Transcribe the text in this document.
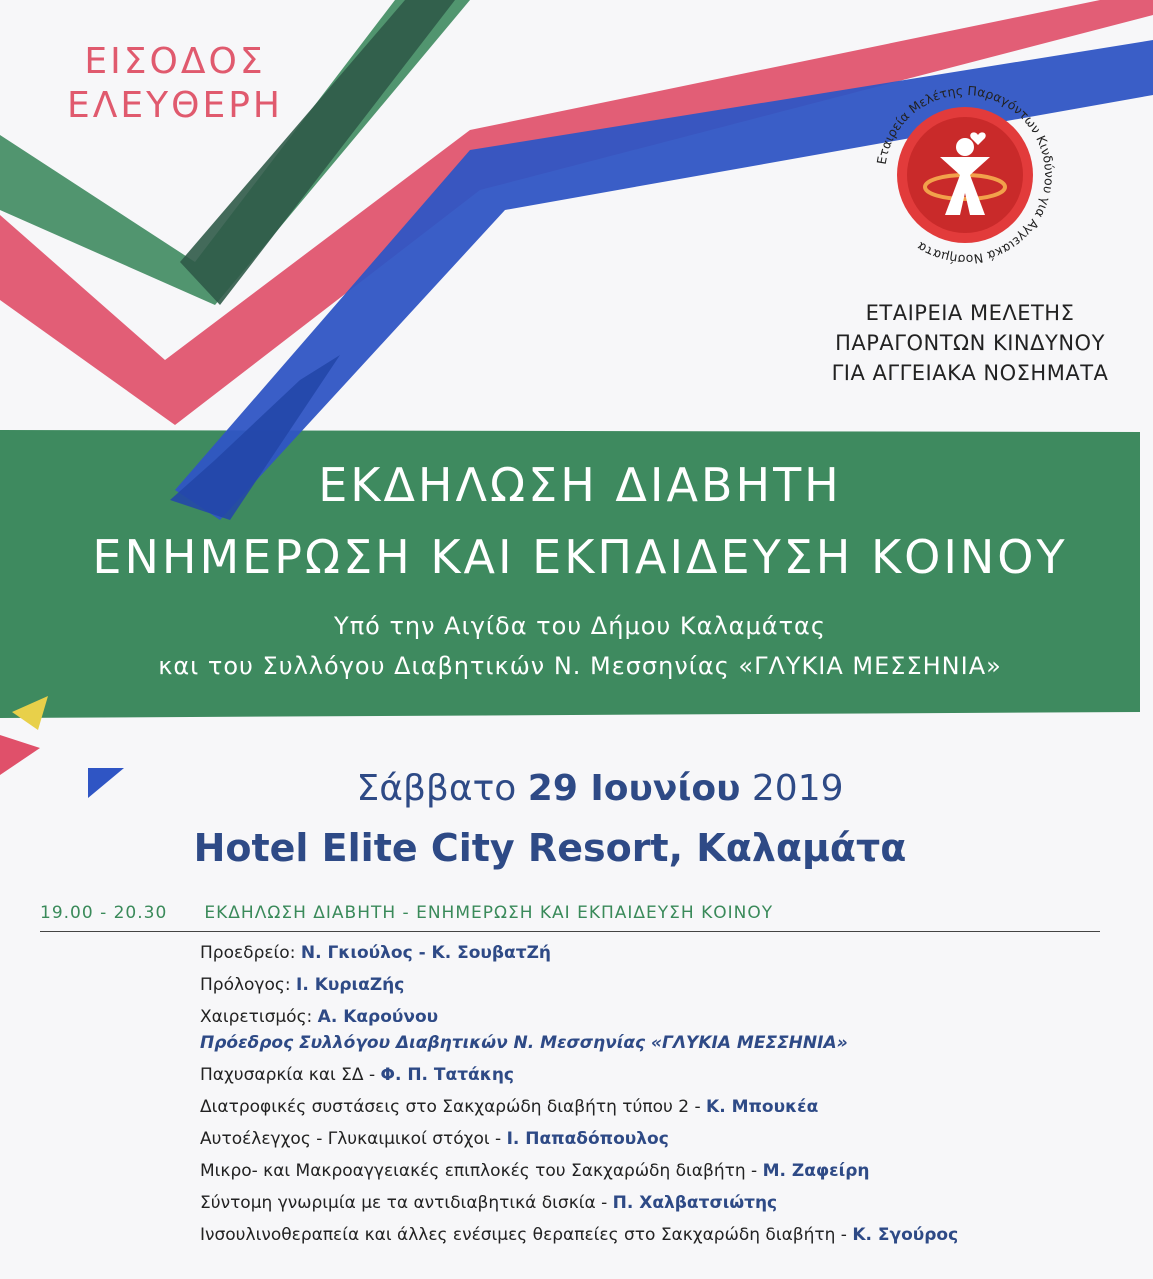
ΕΙΣΟΔΟΣ
ΕΛΕΥΘΕΡΗ
Εταιρεία Μελέτης Παραγόντων Κινδύνου για Αγγειακά Νοσήματα
ΕΤΑΙΡΕΙΑ ΜΕΛΕΤΗΣ
ΠΑΡΑΓΟΝΤΩΝ ΚΙΝΔΥΝΟΥ
ΓΙΑ ΑΓΓΕΙΑΚΑ ΝΟΣΗΜΑΤΑ
ΕΚΔΗΛΩΣΗ ΔΙΑΒΗΤΗ
ΕΝΗΜΕΡΩΣΗ ΚΑΙ ΕΚΠΑΙΔΕΥΣΗ ΚΟΙΝΟΥ
Υπό την Αιγίδα του Δήμου Καλαμάτας
και του Συλλόγου Διαβητικών Ν. Μεσσηνίας «ΓΛΥΚΙΑ ΜΕΣΣΗΝΙΑ»
Σάββατο 29 Ιουνίου 2019
Hotel Elite City Resort, Καλαμάτα
19.00 - 20.30 ΕΚΔΗΛΩΣΗ ΔΙΑΒΗΤΗ - ΕΝΗΜΕΡΩΣΗ ΚΑΙ ΕΚΠΑΙΔΕΥΣΗ ΚΟΙΝΟΥ
Προεδρείο: Ν. Γκιούλος - Κ. ΣουβατΖή
Πρόλογος: Ι. ΚυριαΖής
Χαιρετισμός: Α. Καρούνου
Πρόεδρος Συλλόγου Διαβητικών Ν. Μεσσηνίας «ΓΛΥΚΙΑ ΜΕΣΣΗΝΙΑ»
Παχυσαρκία και ΣΔ - Φ. Π. Τατάκης
Διατροφικές συστάσεις στο Σακχαρώδη διαβήτη τύπου 2 - Κ. Μπουκέα
Αυτοέλεγχος - Γλυκαιμικοί στόχοι - Ι. Παπαδόπουλος
Μικρο- και Μακροαγγειακές επιπλοκές του Σακχαρώδη διαβήτη - Μ. Ζαφείρη
Σύντομη γνωριμία με τα αντιδιαβητικά δισκία - Π. Χαλβατσιώτης
Ινσουλινοθεραπεία και άλλες ενέσιμες θεραπείες στο Σακχαρώδη διαβήτη - Κ. Σγούρος
